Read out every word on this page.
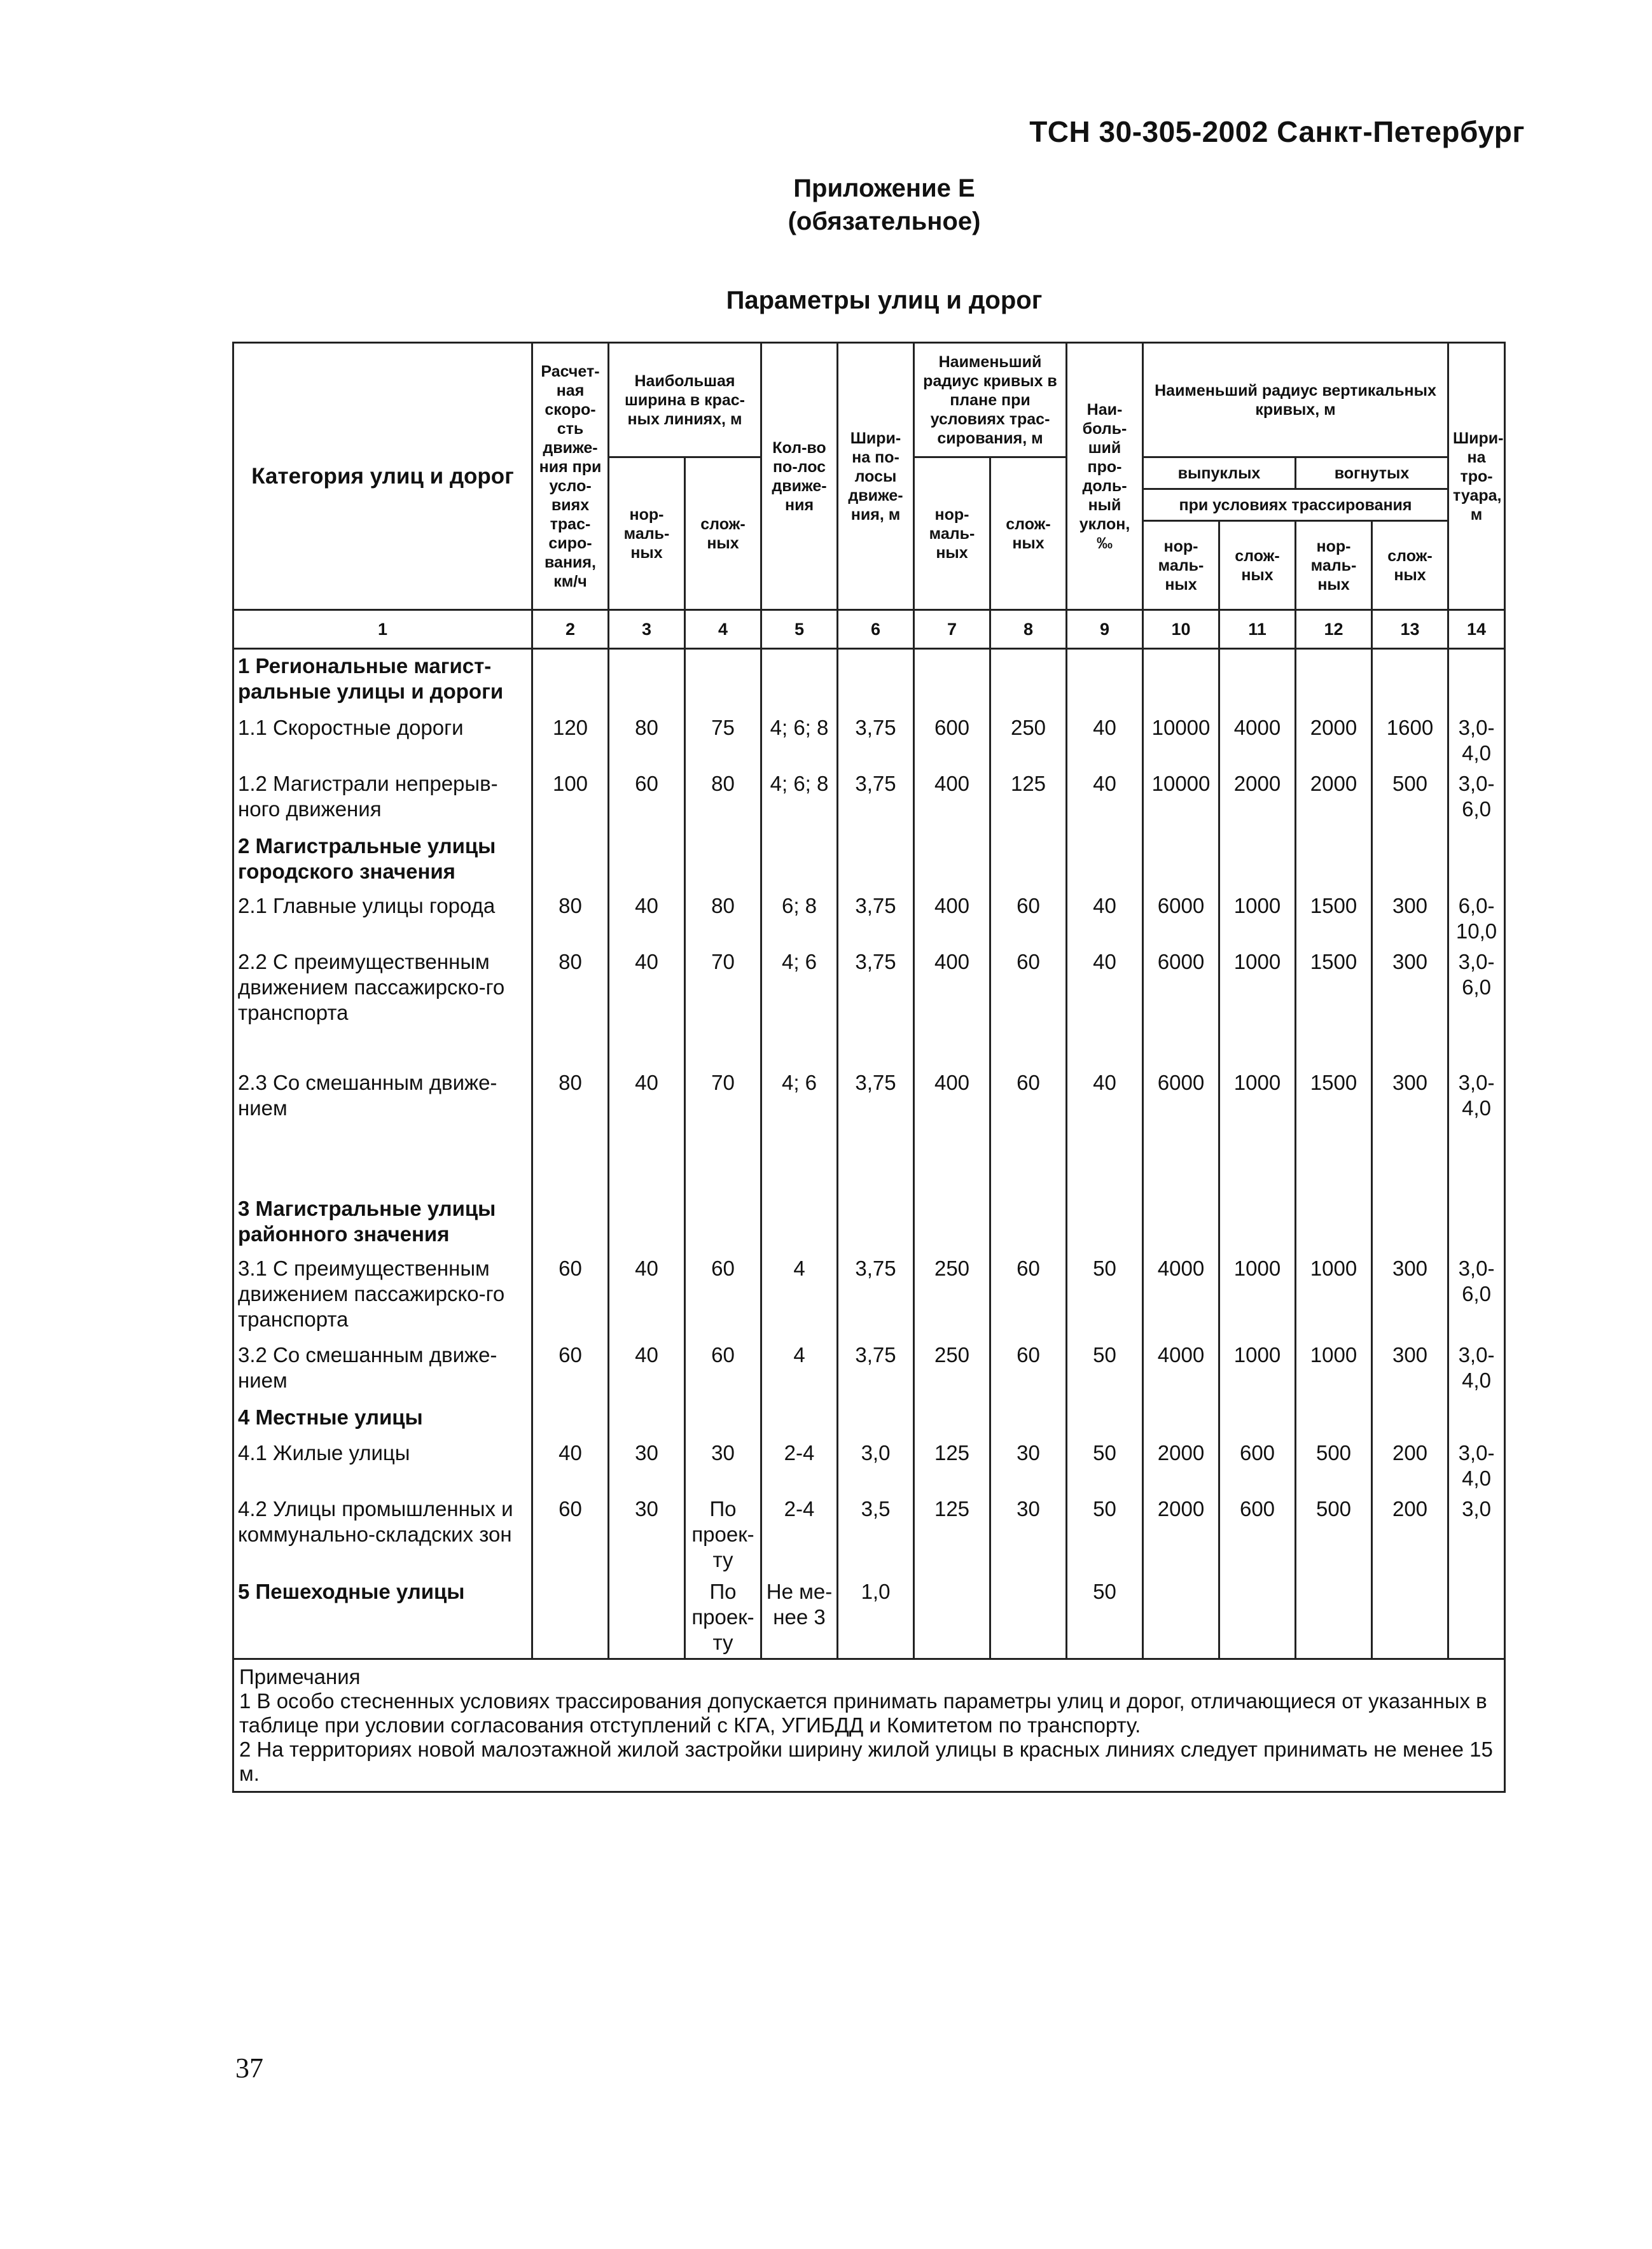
ТСН 30-305-2002 Санкт-Петербург
Приложение Е
(обязательное)
Параметры улиц и дорог
Категория улиц и дорог	Расчет-ная скоро-сть движе-ния при усло-виях трас-сиро-вания, км/ч	Наибольшая ширина в крас-ных линиях, м		Кол-во по-лос движе-ния	Шири-на по-лосы движе-ния, м	Наименьший радиус кривых в плане при условиях трас-сирования, м		Наи-боль-ший про-доль-ный уклон, ‰	Наименьший радиус вертикальных кривых, м				Шири-на тро-туара, м
		нор-маль-ных	слож-ных			нор-маль-ных	слож-ных		выпуклых		вогнутых		
									при условиях трассирования				
									нор-маль-ных	слож-ных	нор-маль-ных	слож-ных	
1	2	3	4	5	6	7	8	9	10	11	12	13	14
1 Региональные магист-ральные улицы и дороги													
1.1 Скоростные дороги	120	80	75	4; 6; 8	3,75	600	250	40	10000	4000	2000	1600	3,0-4,0
1.2 Магистрали непрерыв-ного движения	100	60	80	4; 6; 8	3,75	400	125	40	10000	2000	2000	500	3,0-6,0
2 Магистральные улицы городского значения													
2.1 Главные улицы города	80	40	80	6; 8	3,75	400	60	40	6000	1000	1500	300	6,0-10,0
2.2 С преимущественным движением пассажирско-го транспорта	80	40	70	4; 6	3,75	400	60	40	6000	1000	1500	300	3,0-6,0
2.3 Со смешанным движе-нием	80	40	70	4; 6	3,75	400	60	40	6000	1000	1500	300	3,0-4,0
3 Магистральные улицы районного значения													
3.1 С преимущественным движением пассажирско-го транспорта	60	40	60	4	3,75	250	60	50	4000	1000	1000	300	3,0-6,0
3.2 Со смешанным движе-нием	60	40	60	4	3,75	250	60	50	4000	1000	1000	300	3,0-4,0
4 Местные улицы													
4.1 Жилые улицы	40	30	30	2-4	3,0	125	30	50	2000	600	500	200	3,0-4,0
4.2 Улицы промышленных и коммунально-складских зон	60	30	По проек-ту	2-4	3,5	125	30	50	2000	600	500	200	3,0
5 Пешеходные улицы			По проек-ту	Не ме-нее 3	1,0			50					

Примечания
1 В особо стесненных условиях трассирования допускается принимать параметры улиц и дорог, отличающиеся от указанных в таблице при условии согласования отступлений с КГА, УГИБДД и Комитетом по транспорту.
2 На территориях новой малоэтажной жилой застройки ширину жилой улицы в красных линиях следует принимать не менее 15 м.													
37
